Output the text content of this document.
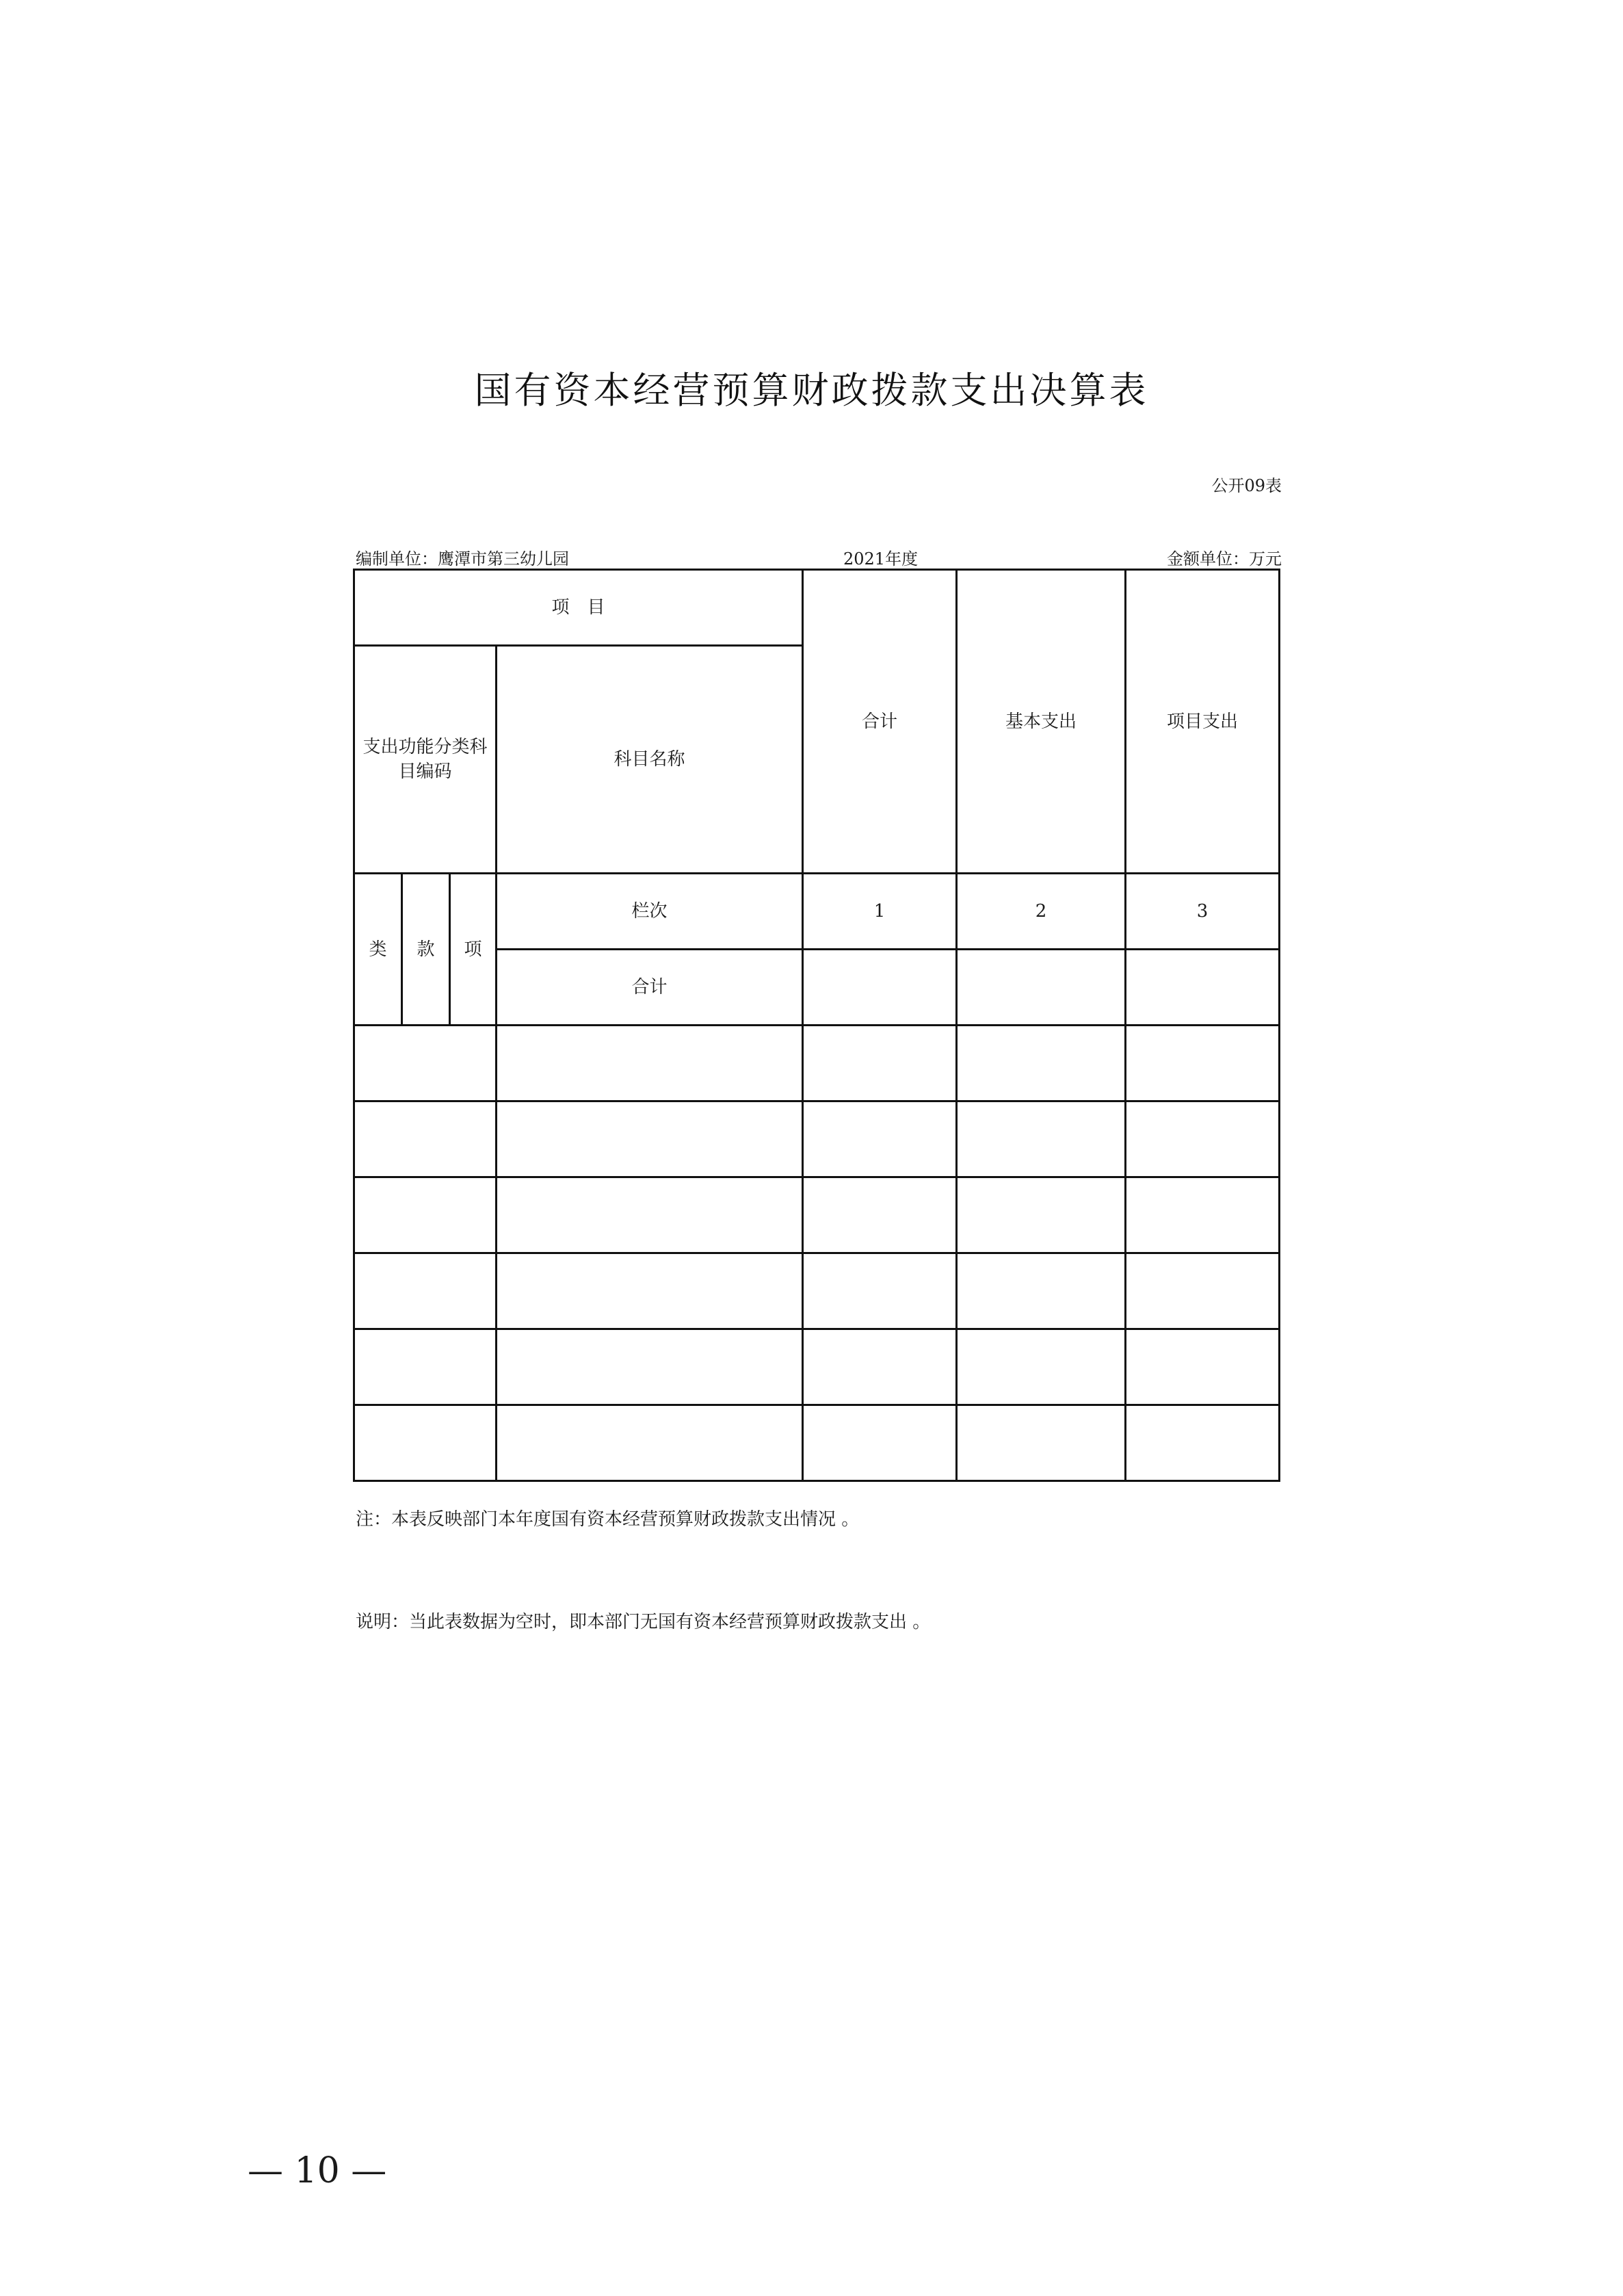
国有资本经营预算财政拨款支出决算表
公开09表
编制单位：鹰潭市第三幼儿园	2021年度	金额单位：万元
项　目				合计	基本支出	项目支出
支出功能分类科目编码			科目名称			
类	款	项	栏次	1	2	3
			合计			

注：本表反映部门本年度国有资本经营预算财政拨款支出情况 。
说明：当此表数据为空时，即本部门无国有资本经营预算财政拨款支出 。
— 10 —
